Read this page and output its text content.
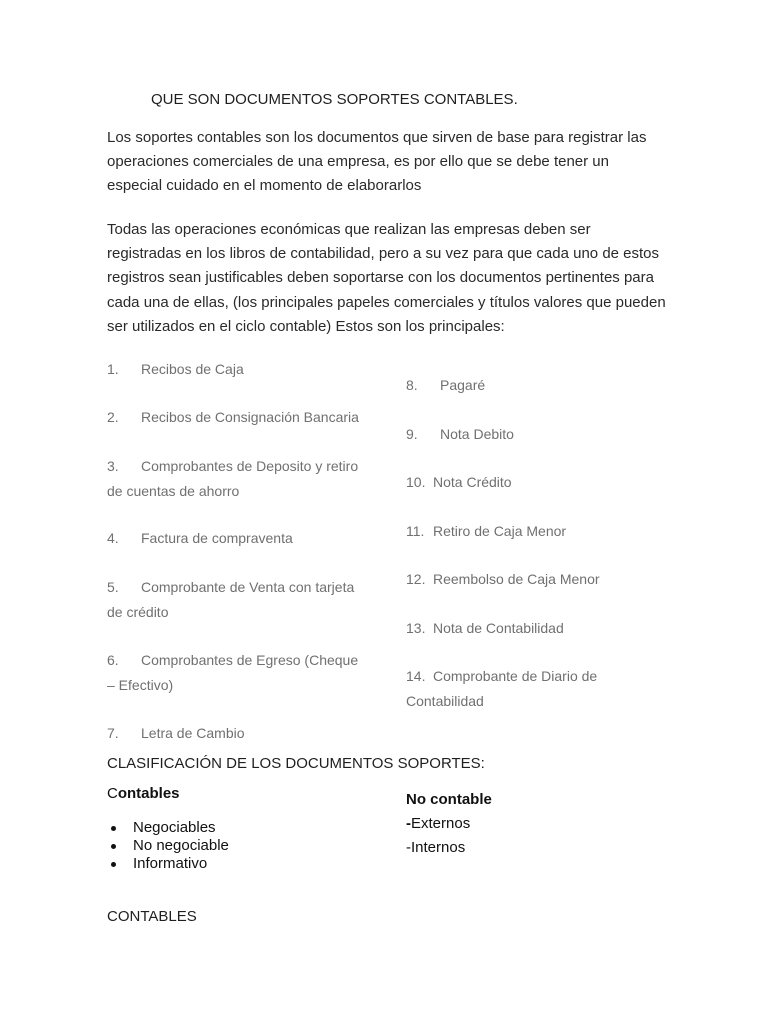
QUE SON DOCUMENTOS SOPORTES CONTABLES.
Los soportes contables son los documentos que sirven de base para registrar las operaciones comerciales de una empresa, es por ello que se debe tener un especial cuidado en el momento de elaborarlos
Todas las operaciones económicas que realizan las empresas deben ser registradas en los libros de contabilidad, pero a su vez para que cada uno de estos registros sean justificables deben soportarse con los documentos pertinentes para cada una de ellas, (los principales papeles comerciales y títulos valores que pueden ser utilizados en el ciclo contable) Estos son los principales:
1. Recibos de Caja
2. Recibos de Consignación Bancaria
3. Comprobantes de Deposito y retiro de cuentas de ahorro
4. Factura de compraventa
5. Comprobante de Venta con tarjeta de crédito
6. Comprobantes de Egreso (Cheque – Efectivo)
7. Letra de Cambio
8. Pagaré
9. Nota Debito
10. Nota Crédito
11. Retiro de Caja Menor
12. Reembolso de Caja Menor
13. Nota de Contabilidad
14. Comprobante de Diario de Contabilidad
CLASIFICACIÓN DE LOS DOCUMENTOS SOPORTES:
Contables
Negociables
No negociable
Informativo
No contable
-Externos
-Internos
CONTABLES
